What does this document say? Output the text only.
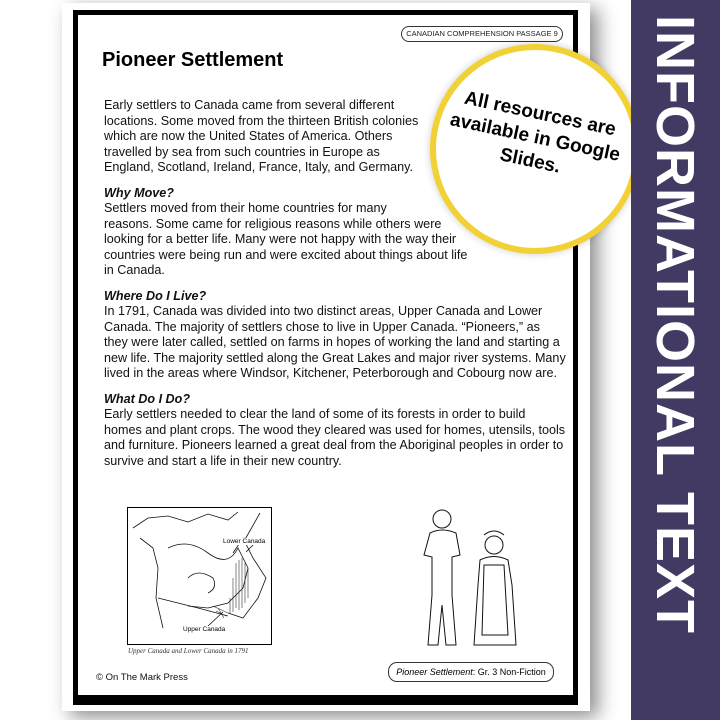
CANADIAN COMPREHENSION PASSAGE 9
Pioneer Settlement

Early settlers to Canada came from several different locations. Some moved from the thirteen British colonies which are now the United States of America. Others travelled by sea from such countries in Europe as England, Scotland, Ireland, France, Italy, and Germany.

Why Move?

Settlers moved from their home countries for many reasons. Some came for religious reasons while others were looking for a better life. Many were not happy with the way their countries were being run and were excited about things about life in Canada.

Where Do I Live?

In 1791, Canada was divided into two distinct areas, Upper Canada and Lower Canada. The majority of settlers chose to live in Upper Canada. “Pioneers,” as they were later called, settled on farms in hopes of working the land and starting a new life. The majority settled along the Great Lakes and major river systems. Many lived in the areas where Windsor, Kitchener, Peterborough and Cobourg now are.

What Do I Do?

Early settlers needed to clear the land of some of its forests in order to build homes and plant crops. The wood they cleared was used for homes, utensils, tools and furniture. Pioneers learned a great deal from the Aboriginal peoples in order to survive and start a life in their new country.

Lower Canada
Upper Canada
Upper Canada and Lower Canada in 1791
© On The Mark Press	Pioneer Settlement: Gr. 3 Non-Fiction
All resources are available in Google Slides.	INFORMATIONAL TEXT
